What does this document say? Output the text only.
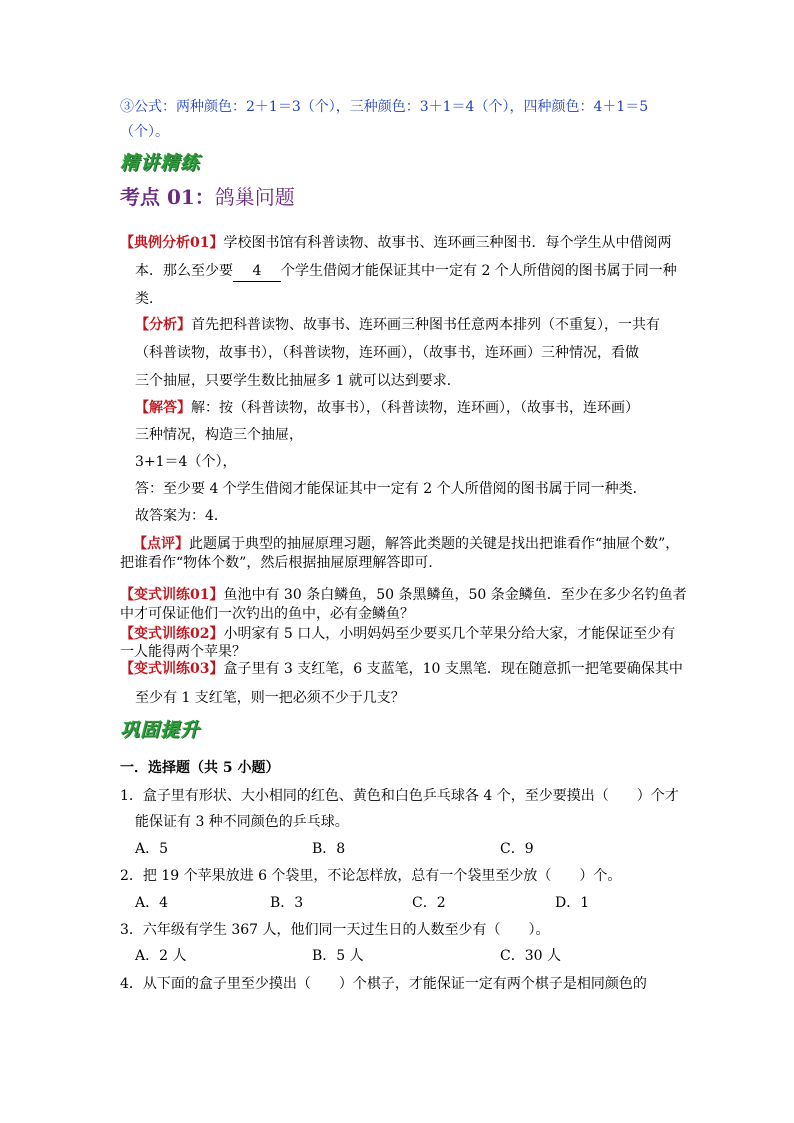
③公式：两种颜色：2＋1＝3（个），三种颜色：3＋1＝4（个），四种颜色：4＋1＝5
（个）。
精讲精练
考点 01：鸽巢问题
【典例分析01】学校图书馆有科普读物、故事书、连环画三种图书．每个学生从中借阅两
本．那么至少要 4 个学生借阅才能保证其中一定有 2 个人所借阅的图书属于同一种
类．
【分析】首先把科普读物、故事书、连环画三种图书任意两本排列（不重复），一共有
（科普读物，故事书），（科普读物，连环画），（故事书，连环画）三种情况，看做
三个抽屉，只要学生数比抽屉多 1 就可以达到要求．
【解答】解：按（科普读物，故事书），（科普读物，连环画），（故事书，连环画）
三种情况，构造三个抽屉，
3+1＝4（个），
答：至少要 4 个学生借阅才能保证其中一定有 2 个人所借阅的图书属于同一种类．
故答案为：4．
【点评】此题属于典型的抽屉原理习题，解答此类题的关键是找出把谁看作“抽屉个数”，
把谁看作“物体个数”，然后根据抽屉原理解答即可．
【变式训练01】鱼池中有 30 条白鳞鱼，50 条黑鳞鱼，50 条金鳞鱼．至少在多少名钓鱼者
中才可保证他们一次钓出的鱼中，必有金鳞鱼？
【变式训练02】小明家有 5 口人，小明妈妈至少要买几个苹果分给大家，才能保证至少有
一人能得两个苹果？
【变式训练03】盒子里有 3 支红笔，6 支蓝笔，10 支黑笔．现在随意抓一把笔要确保其中
至少有 1 支红笔，则一把必须不少于几支？
巩固提升
一．选择题（共 5 小题）
1．盒子里有形状、大小相同的红色、黄色和白色乒乓球各 4 个，至少要摸出（　　）个才
能保证有 3 种不同颜色的乒乓球。
A．5	B．8	C．9
2．把 19 个苹果放进 6 个袋里，不论怎样放，总有一个袋里至少放（　　）个。
A．4	B．3	C．2	D．1
3．六年级有学生 367 人，他们同一天过生日的人数至少有（　　）。
A．2 人	B．5 人	C．30 人
4．从下面的盒子里至少摸出（　　）个棋子，才能保证一定有两个棋子是相同颜色的
